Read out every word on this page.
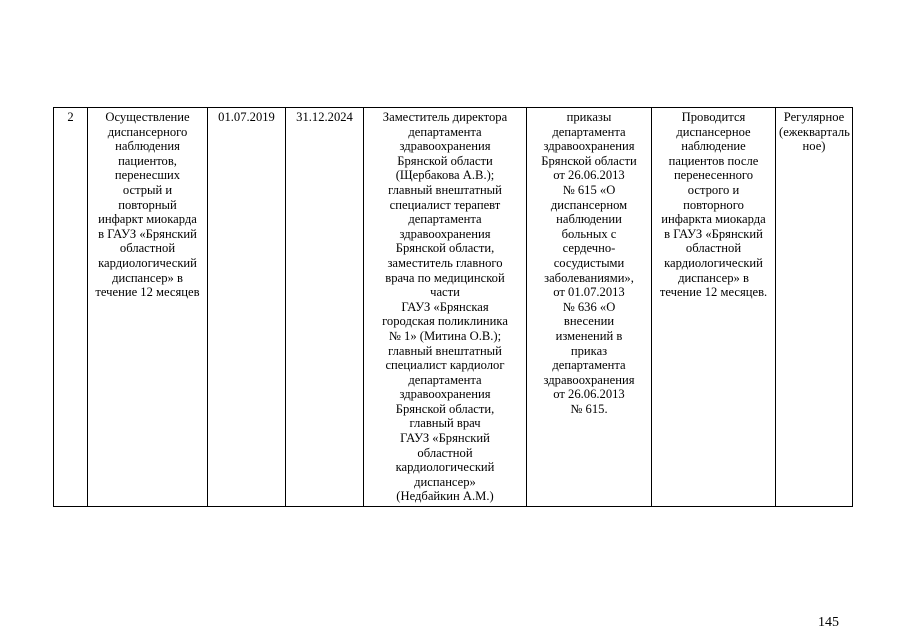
2	Осуществление
диспансерного
наблюдения
пациентов,
перенесших
острый и
повторный
инфаркт миокарда
в ГАУЗ «Брянский
областной
кардиологический
диспансер» в
течение 12 месяцев	01.07.2019	31.12.2024	Заместитель директора
департамента
здравоохранения
Брянской области
(Щербакова А.В.);
главный внештатный
специалист терапевт
департамента
здравоохранения
Брянской области,
заместитель главного
врача по медицинской
части
ГАУЗ «Брянская
городская поликлиника
№ 1» (Митина О.В.);
главный внештатный
специалист кардиолог
департамента
здравоохранения
Брянской области,
главный врач
ГАУЗ «Брянский
областной
кардиологический
диспансер»
(Недбайкин А.М.)	приказы
департамента
здравоохранения
Брянской области
от 26.06.2013
№ 615 «О
диспансерном
наблюдении
больных с
сердечно-
сосудистыми
заболеваниями»,
от 01.07.2013
№ 636 «О
внесении
изменений в
приказ
департамента
здравоохранения
от 26.06.2013
№ 615.	Проводится
диспансерное
наблюдение
пациентов после
перенесенного
острого и
повторного
инфаркта миокарда
в ГАУЗ «Брянский
областной
кардиологический
диспансер» в
течение 12 месяцев.	Регулярное
(ежекварталь
ное)
145
